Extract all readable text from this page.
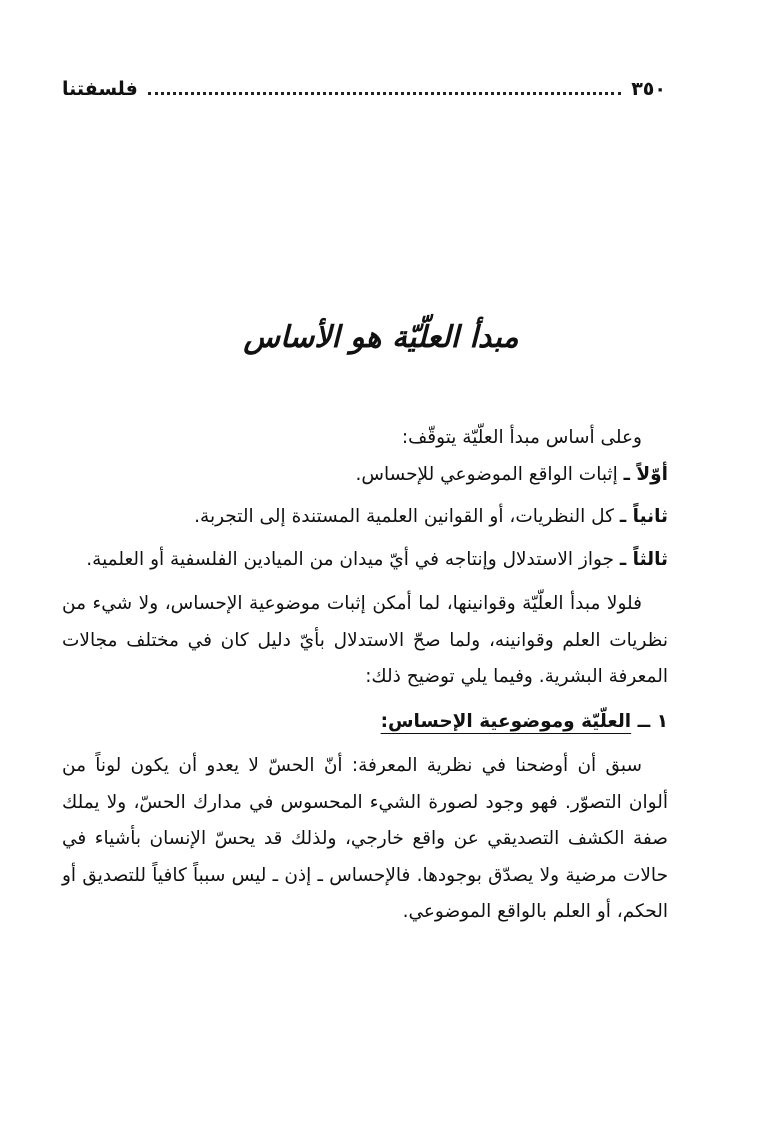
٣٥٠
فلسفتنا
مبدأ العلّيّة هو الأساس

وعلى أساس مبدأ العلّيّة يتوقّف:

أوّلاً ـ إثبات الواقع الموضوعي للإحساس.

ثانياً ـ كل النظريات، أو القوانين العلمية المستندة إلى التجربة.

ثالثاً ـ جواز الاستدلال وإنتاجه في أيّ ميدان من الميادين الفلسفية أو العلمية.

فلولا مبدأ العلّيّة وقوانينها، لما أمكن إثبات موضوعية الإحساس، ولا شيء من نظريات العلم وقوانينه، ولما صحّ الاستدلال بأيّ دليل كان في مختلف مجالات المعرفة البشرية. وفيما يلي توضيح ذلك:

١ ــ العلّيّة وموضوعية الإحساس:

سبق أن أوضحنا في نظرية المعرفة: أنّ الحسّ لا يعدو أن يكون لوناً من ألوان التصوّر. فهو وجود لصورة الشيء المحسوس في مدارك الحسّ، ولا يملك صفة الكشف التصديقي عن واقع خارجي، ولذلك قد يحسّ الإنسان بأشياء في حالات مرضية ولا يصدّق بوجودها. فالإحساس ـ إذن ـ ليس سبباً كافياً للتصديق أو الحكم، أو العلم بالواقع الموضوعي.
